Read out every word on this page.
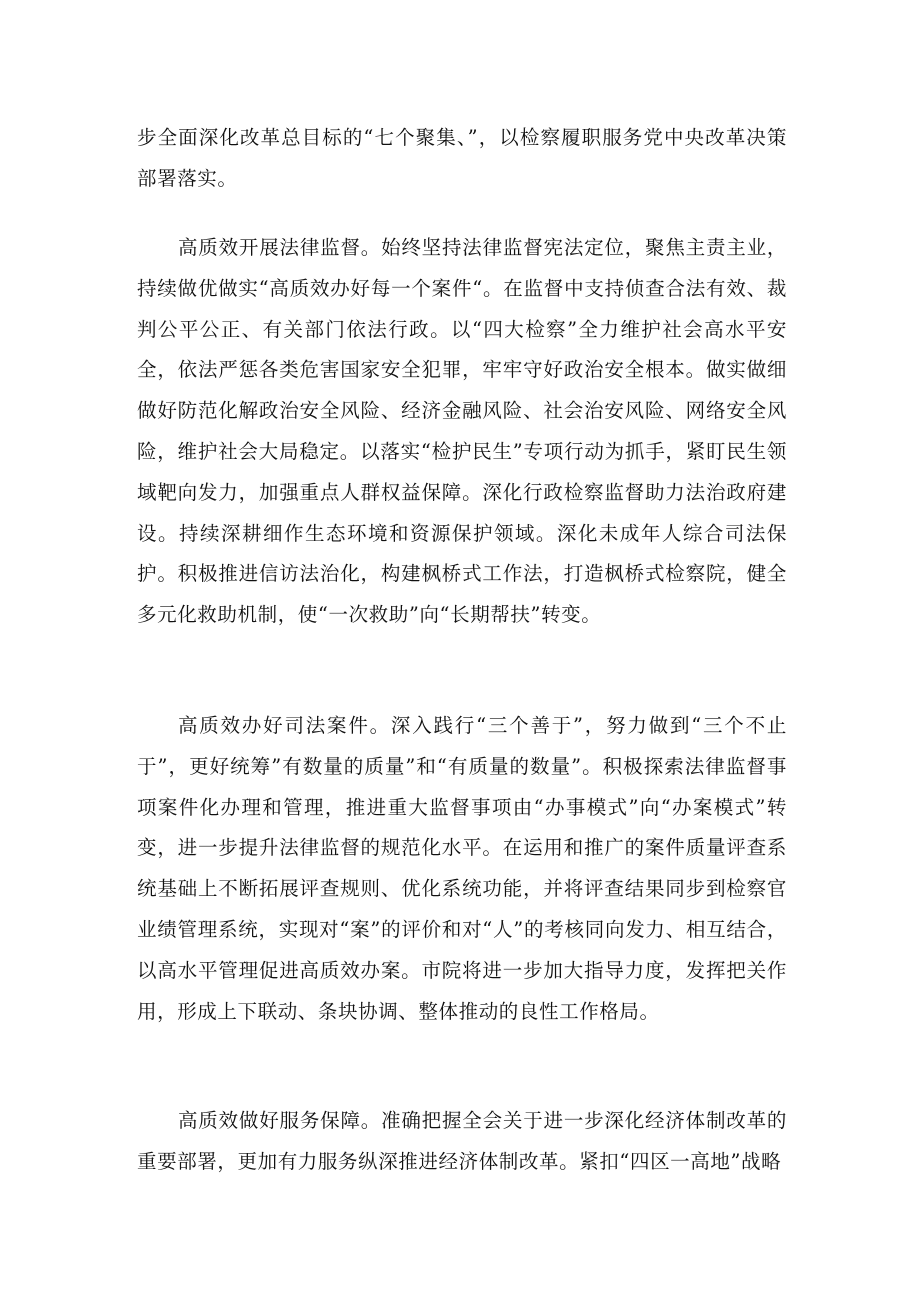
步全面深化改革总目标的“七个聚集、”，以检察履职服务党中央改革决策部署落实。

高质效开展法律监督。始终坚持法律监督宪法定位，聚焦主责主业，持续做优做实“高质效办好每一个案件“。在监督中支持侦查合法有效、裁判公平公正、有关部门依法行政。以“四大检察”全力维护社会高水平安全，依法严惩各类危害国家安全犯罪，牢牢守好政治安全根本。做实做细做好防范化解政治安全风险、经济金融风险、社会治安风险、网络安全风险，维护社会大局稳定。以落实“检护民生”专项行动为抓手，紧盯民生领域靶向发力，加强重点人群权益保障。深化行政检察监督助力法治政府建设。持续深耕细作生态环境和资源保护领域。深化未成年人综合司法保护。积极推进信访法治化，构建枫桥式工作法，打造枫桥式检察院，健全多元化救助机制，使“一次救助”向“长期帮扶”转变。

高质效办好司法案件。深入践行“三个善于”，努力做到“三个不止于”，更好统筹”有数量的质量”和“有质量的数量”。积极探索法律监督事项案件化办理和管理，推进重大监督事项由“办事模式”向“办案模式”转变，进一步提升法律监督的规范化水平。在运用和推广的案件质量评查系统基础上不断拓展评查规则、优化系统功能，并将评查结果同步到检察官业绩管理系统，实现对“案”的评价和对“人”的考核同向发力、相互结合，以高水平管理促进高质效办案。市院将进一步加大指导力度，发挥把关作用，形成上下联动、条块协调、整体推动的良性工作格局。

高质效做好服务保障。准确把握全会关于进一步深化经济体制改革的重要部署，更加有力服务纵深推进经济体制改革。紧扣“四区一高地”战略
